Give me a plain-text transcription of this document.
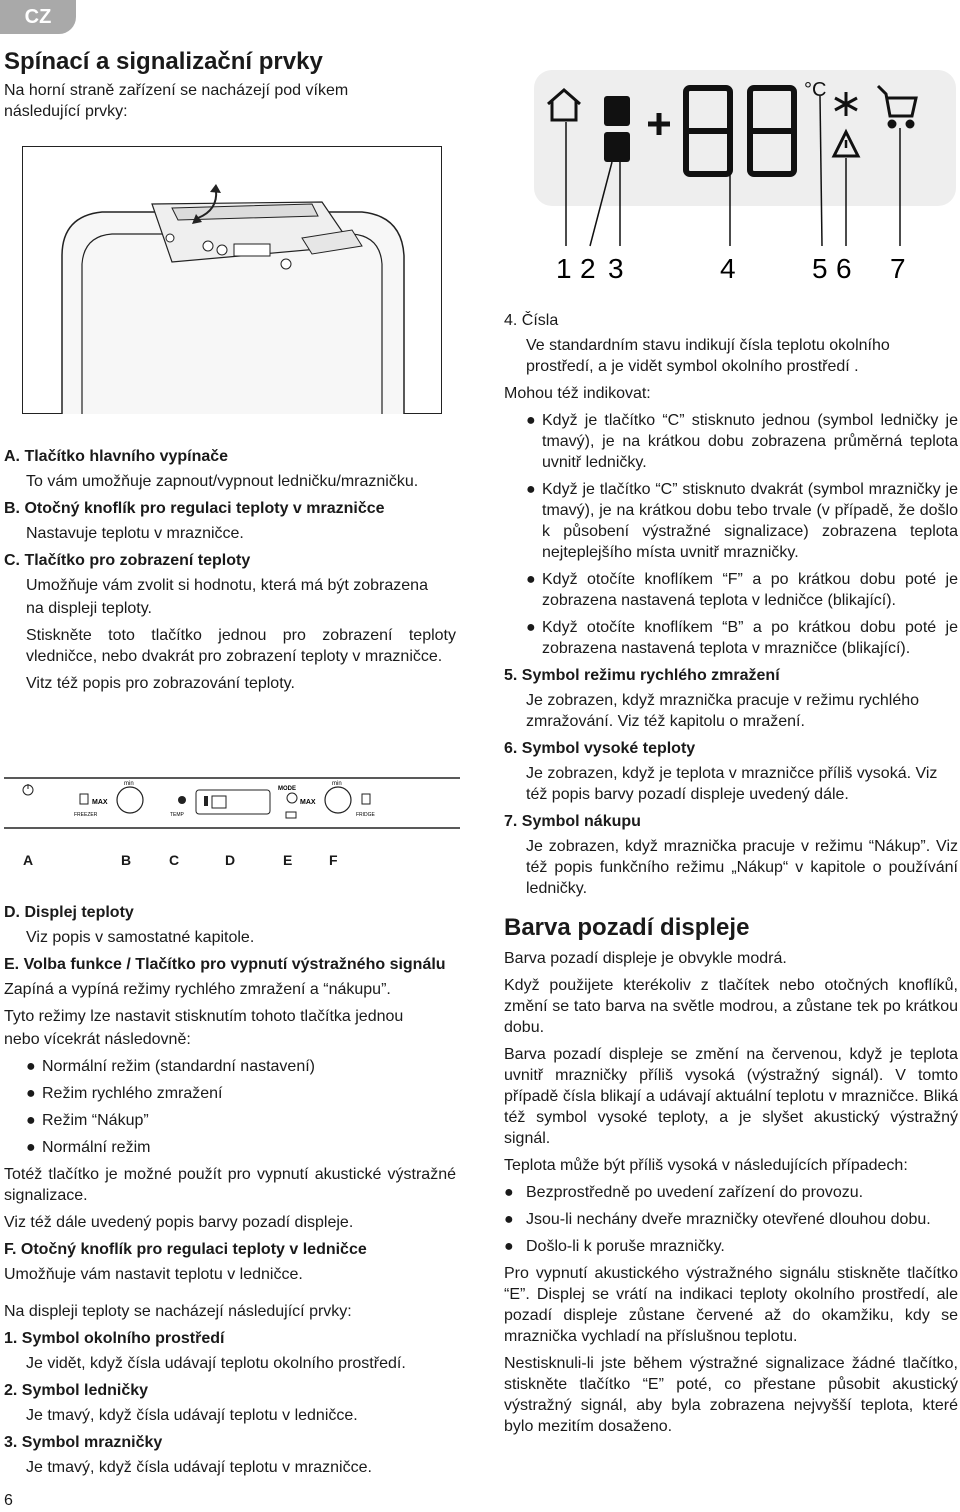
CZ
Spínací a signalizační prvky
Na horní straně zařízení se nacházejí pod víkem následující prvky:
A. Tlačítko hlavního vypínače
To vám umožňuje zapnout/vypnout ledničku/mrazničku.
B. Otočný knoflík pro regulaci teploty v mrazničce
Nastavuje teplotu v mrazničce.
C. Tlačítko pro zobrazení teploty
Umožňuje vám zvolit si hodnotu, která má být zobrazena
na displeji teploty.
Stiskněte toto tlačítko jednou pro zobrazení teploty vledničce, nebo dvakrát pro zobrazení teploty v mrazničce.
Vitz též popis pro zobrazování teploty.
min	min
MAX	MAX
FREEZER	FRIDGE
MODE
TEMP
A	B	C	D	E	F
D. Displej teploty
Viz popis v samostatné kapitole.
E. Volba funkce / Tlačítko pro vypnutí výstražného signálu
Zapíná a vypíná režimy rychlého zmražení a “nákupu”.
Tyto režimy lze nastavit stisknutím tohoto tlačítka jednou
nebo vícekrát následovně:
● Normální režim (standardní nastavení)
● Režim rychlého zmražení
● Režim “Nákup”
● Normální režim
Totéž tlačítko je možné použít pro vypnutí akustické výstražné signalizace.
Viz též dále uvedený popis barvy pozadí displeje.
F. Otočný knoflík pro regulaci teploty v ledničce
Umožňuje vám nastavit teplotu v ledničce.
Na displeji teploty se nacházejí následující prvky:
1. Symbol okolního prostředí
Je vidět, když čísla udávají teplotu okolního prostředí.
2. Symbol ledničky
Je tmavý, když čísla udávají teplotu v ledničce.
3. Symbol mrazničky
Je tmavý, když čísla udávají teplotu v mrazničce.
°C
1 2 3	4	5 6 7
4. Čísla
Ve standardním stavu indikují čísla teplotu okolního prostředí, a je vidět symbol okolního prostředí .
Mohou též indikovat:
● Když je tlačítko “C” stisknuto jednou (symbol ledničky je tmavý), je na krátkou dobu zobrazena průměrná teplota uvnitř ledničky.
● Když je tlačítko “C” stisknuto dvakrát (symbol mrazničky je tmavý), je na krátkou dobu tebo trvale (v případě, že došlo k působení výstražné signalizace) zobrazena teplota nejteplejšího místa uvnitř mrazničky.
● Když otočíte knoflíkem “F” a po krátkou dobu poté je zobrazena nastavená teplota v ledničce (blikající).
● Když otočíte knoflíkem “B” a po krátkou dobu poté je zobrazena nastavená teplota v mrazničce (blikající).
5. Symbol režimu rychlého zmražení
Je zobrazen, když mraznička pracuje v režimu rychlého zmražování. Viz též kapitolu o mražení.
6. Symbol vysoké teploty
Je zobrazen, když je teplota v mrazničce příliš vysoká. Viz též popis barvy pozadí displeje uvedený dále.
7. Symbol nákupu
Je zobrazen, když mraznička pracuje v režimu “Nákup”. Viz též popis funkčního režimu „Nákup“ v kapitole o používání ledničky.
Barva pozadí displeje
Barva pozadí displeje je obvykle modrá.
Když použijete kterékoliv z tlačítek nebo otočných knoflíků, změní se tato barva na světle modrou, a zůstane tek po krátkou dobu.
Barva pozadí displeje se změní na červenou, když je teplota uvnitř mrazničky příliš vysoká (výstražný signál). V tomto případě čísla blikají a udávají aktuální teplotu v mrazničce. Bliká též symbol vysoké teploty, a je slyšet akustický výstražný signál.
Teplota může být příliš vysoká v následujících případech:
● Bezprostředně po uvedení zařízení do provozu.
● Jsou-li nechány dveře mrazničky otevřené dlouhou dobu.
● Došlo-li k poruše mrazničky.
Pro vypnutí akustického výstražného signálu stiskněte tlačítko “E”. Displej se vrátí na indikaci teploty okolního prostředí, ale pozadí displeje zůstane červené až do okamžiku, kdy se mraznička vychladí na příslušnou teplotu.
Nestisknuli-li jste během výstražné signalizace žádné tlačítko, stiskněte tlačítko “E” poté, co přestane působit akustický výstražný signál, aby byla zobrazena nejvyšší teplota, které bylo mezitím dosaženo.
6
